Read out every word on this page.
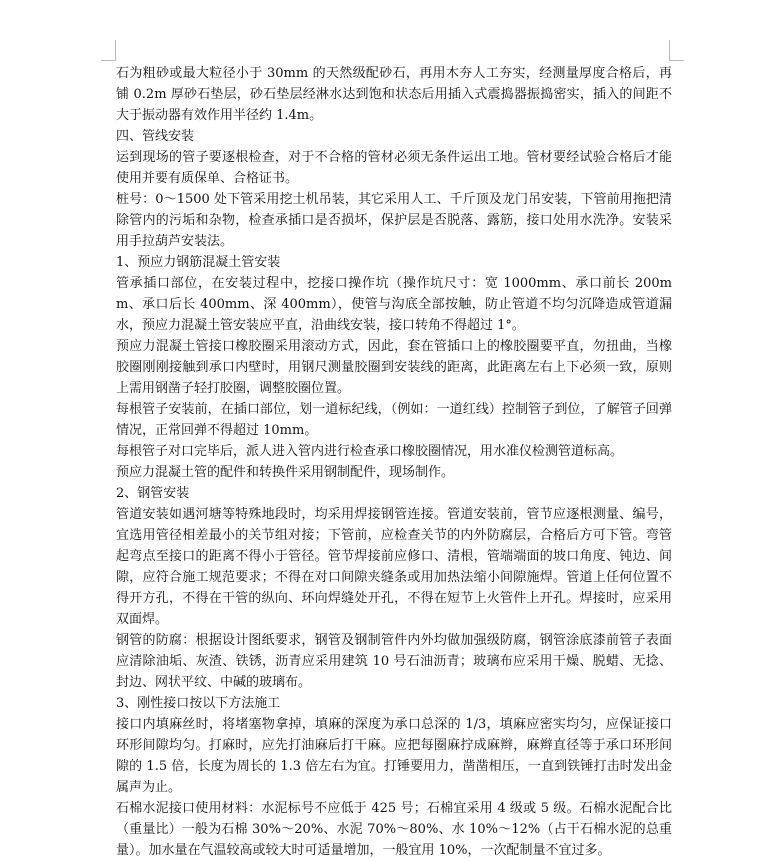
石为粗砂或最大粒径小于 30mm 的天然级配砂石，再用木夯人工夯实，经测量厚度合格后，再铺 0.2m 厚砂石垫层，砂石垫层经淋水达到饱和状态后用插入式震捣器振捣密实，插入的间距不大于振动器有效作用半径约 1.4m。

四、管线安装

运到现场的管子要逐根检查，对于不合格的管材必须无条件运出工地。管材要经试验合格后才能使用并要有质保单、合格证书。

桩号：0～1500 处下管采用挖土机吊装，其它采用人工、千斤顶及龙门吊安装，下管前用拖把清除管内的污垢和杂物，检查承插口是否损坏，保护层是否脱落、露筋，接口处用水洗净。安装采用手拉葫芦安装法。

1、预应力钢筋混凝土管安装

管承插口部位，在安装过程中，挖接口操作坑（操作坑尺寸：宽 1000mm、承口前长 200mm、承口后长 400mm、深 400mm），使管与沟底全部按触，防止管道不均匀沉降造成管道漏水，预应力混凝土管安装应平直，沿曲线安装，接口转角不得超过 1°。

预应力混凝土管接口橡胶圈采用滚动方式，因此，套在管插口上的橡胶圈要平直，勿扭曲，当橡胶圈刚刚接触到承口内壁时，用钢尺测量胶圈到安装线的距离，此距离左右上下必须一致，原则上需用钢凿子轻打胶圈，调整胶圈位置。

每根管子安装前，在插口部位，划一道标纪线，（例如：一道红线）控制管子到位，了解管子回弹情况，正常回弹不得超过 10mm。

每根管子对口完毕后，派人进入管内进行检查承口橡胶圈情况，用水准仪检测管道标高。

预应力混凝土管的配件和转换件采用钢制配件，现场制作。

2、钢管安装

管道安装如遇河塘等特殊地段时，均采用焊接钢管连接。管道安装前，管节应逐根测量、编号，宜选用管径相差最小的关节组对接；下管前，应检查关节的内外防腐层，合格后方可下管。弯管起弯点至接口的距离不得小于管径。管节焊接前应修口、清根，管端端面的坡口角度、钝边、间隙，应符合施工规范要求；不得在对口间隙夹缝条或用加热法缩小间隙施焊。管道上任何位置不得开方孔，不得在干管的纵向、环向焊缝处开孔，不得在短节上火管件上开孔。焊接时，应采用双面焊。

钢管的防腐：根据设计图纸要求，钢管及钢制管件内外均做加强级防腐，钢管涂底漆前管子表面应清除油垢、灰渣、铁锈，沥青应采用建筑 10 号石油沥青；玻璃布应采用干燥、脱蜡、无捻、封边、网状平纹、中碱的玻璃布。

3、刚性接口按以下方法施工

接口内填麻丝时，将堵塞物拿掉，填麻的深度为承口总深的 1/3，填麻应密实均匀，应保证接口环形间隙均匀。打麻时，应先打油麻后打干麻。应把每圈麻拧成麻辫，麻辫直径等于承口环形间隙的 1.5 倍，长度为周长的 1.3 倍左右为宜。打锤要用力，凿凿相压，一直到铁锤打击时发出金属声为止。

石棉水泥接口使用材料：水泥标号不应低于 425 号；石棉宜采用 4 级或 5 级。石棉水泥配合比（重量比）一般为石棉 30%～20%、水泥 70%～80%、水 10%～12%（占干石棉水泥的总重量）。加水量在气温较高或较大时可适量增加，一般宜用 10%，一次配制量不宜过多。
